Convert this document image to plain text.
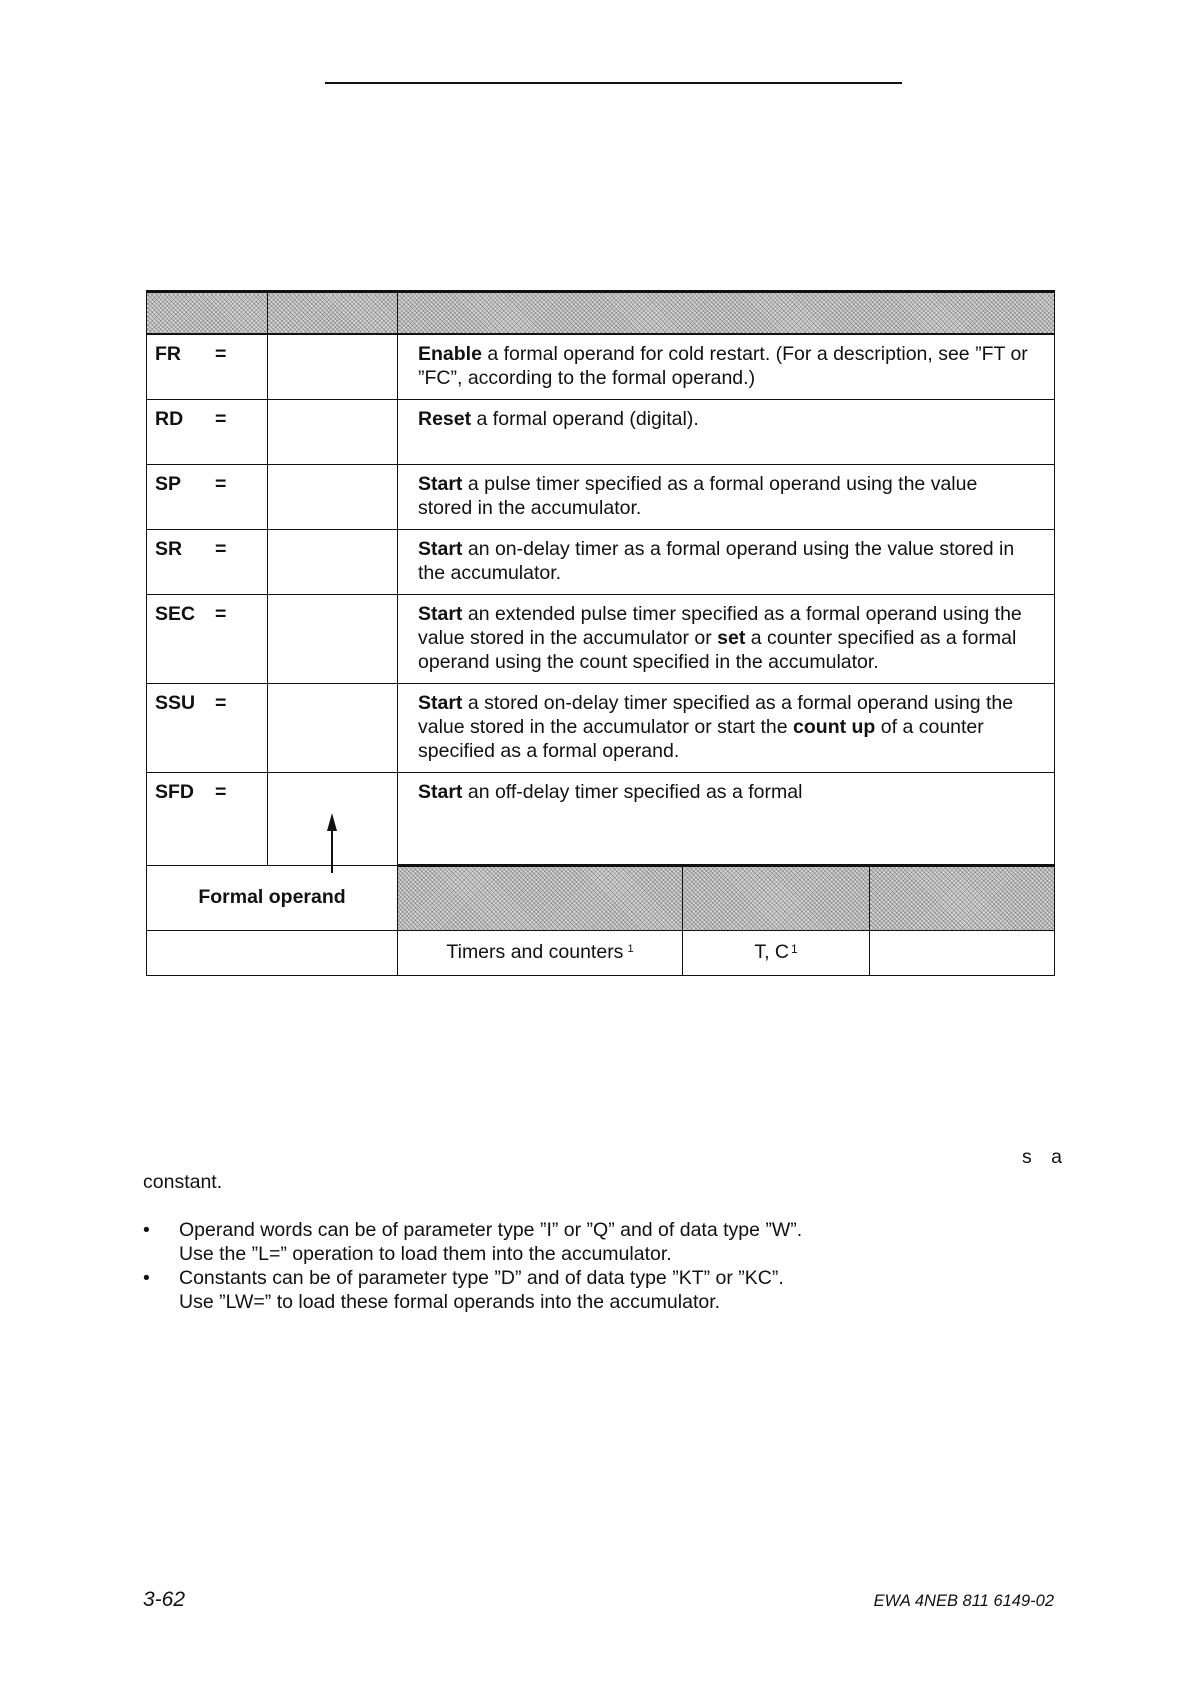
FR =		Enable a formal operand for cold restart. (For a description, see ”FT or ”FC”, according to the formal operand.)		
RD =		Reset a formal operand (digital).		
SP =		Start a pulse timer specified as a formal operand using the value stored in the accumulator.		
SR =		Start an on-delay timer as a formal operand using the value stored in the accumulator.		
SEC =		Start an extended pulse timer specified as a formal operand using the value stored in the accumulator or set a counter specified as a formal operand using the count specified in the accumulator.		
SSU =		Start a stored on-delay timer specified as a formal operand using the value stored in the accumulator or start the count up of a counter specified as a formal operand.		
SFD =		Start an off-delay timer specified as a formal		
Formal operand				
		Timers and counters $^1$	T, C $^1$	
s a
constant.
• Operand words can be of parameter type ”I” or ”Q” and of data type ”W”.
Use the ”L=” operation to load them into the accumulator.
• Constants can be of parameter type ”D” and of data type ”KT” or ”KC”.
Use ”LW=” to load these formal operands into the accumulator.
3-62	EWA 4NEB 811 6149-02
